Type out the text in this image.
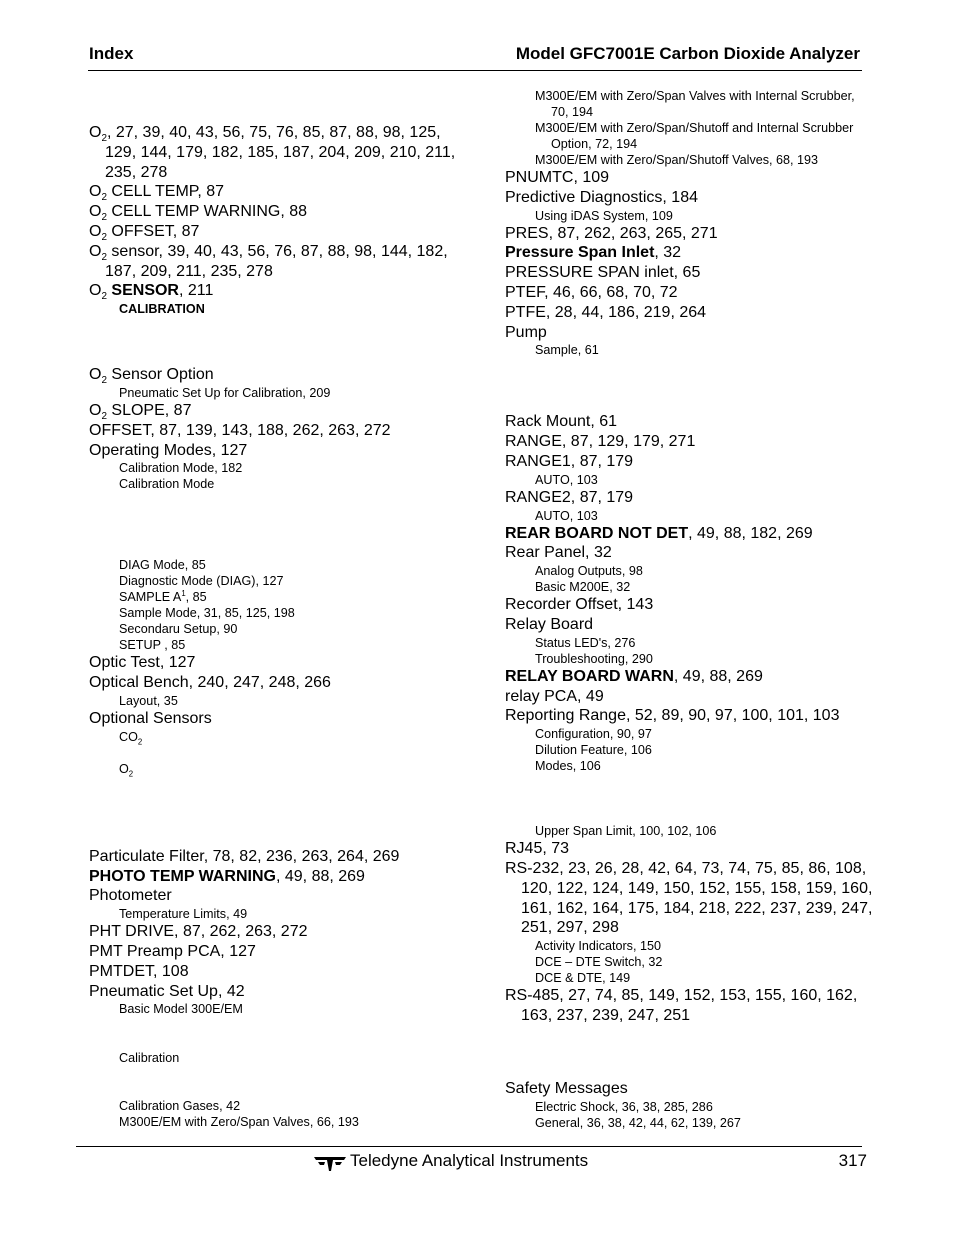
Index	Model GFC7001E Carbon Dioxide Analyzer
$O_2$, 27, 39, 40, 43, 56, 75, 76, 85, 87, 88, 98, 125, 129, 144, 179, 182, 185, 187, 204, 209, 210, 211, 235, 278
$O_2$ CELL TEMP, 87
$O_2$ CELL TEMP WARNING, 88
$O_2$ OFFSET, 87
$O_2$ sensor, 39, 40, 43, 56, 76, 87, 88, 98, 144, 182, 187, 209, 211, 235, 278
$O_2$ SENSOR, 211
CALIBRATION
$O_2$ Sensor Option
Pneumatic Set Up for Calibration, 209
$O_2$ SLOPE, 87
OFFSET, 87, 139, 143, 188, 262, 263, 272
Operating Modes, 127
Calibration Mode, 182
Calibration Mode
DIAG Mode, 85
Diagnostic Mode (DIAG), 127
SAMPLE $A^1$, 85
Sample Mode, 31, 85, 125, 198
Secondaru Setup, 90
SETUP , 85
Optic Test, 127
Optical Bench, 240, 247, 248, 266
Layout, 35
Optional Sensors
$CO_2$
$O_2$
Particulate Filter, 78, 82, 236, 263, 264, 269
PHOTO TEMP WARNING, 49, 88, 269
Photometer
Temperature Limits, 49
PHT DRIVE, 87, 262, 263, 272
PMT Preamp PCA, 127
PMTDET, 108
Pneumatic Set Up, 42
Basic Model 300E/EM
Calibration
Calibration Gases, 42
M300E/EM with Zero/Span Valves, 66, 193
M300E/EM with Zero/Span Valves with Internal Scrubber, 70, 194
M300E/EM with Zero/Span/Shutoff and Internal Scrubber Option, 72, 194
M300E/EM with Zero/Span/Shutoff Valves, 68, 193
PNUMTC, 109
Predictive Diagnostics, 184
Using iDAS System, 109
PRES, 87, 262, 263, 265, 271
Pressure Span Inlet, 32
PRESSURE SPAN inlet, 65
PTEF, 46, 66, 68, 70, 72
PTFE, 28, 44, 186, 219, 264
Pump
Sample, 61
Rack Mount, 61
RANGE, 87, 129, 179, 271
RANGE1, 87, 179
AUTO, 103
RANGE2, 87, 179
AUTO, 103
REAR BOARD NOT DET, 49, 88, 182, 269
Rear Panel, 32
Analog Outputs, 98
Basic M200E, 32
Recorder Offset, 143
Relay Board
Status LED's, 276
Troubleshooting, 290
RELAY BOARD WARN, 49, 88, 269
relay PCA, 49
Reporting Range, 52, 89, 90, 97, 100, 101, 103
Configuration, 90, 97
Dilution Feature, 106
Modes, 106
Upper Span Limit, 100, 102, 106
RJ45, 73
RS-232, 23, 26, 28, 42, 64, 73, 74, 75, 85, 86, 108, 120, 122, 124, 149, 150, 152, 155, 158, 159, 160, 161, 162, 164, 175, 184, 218, 222, 237, 239, 247, 251, 297, 298
Activity Indicators, 150
DCE – DTE Switch, 32
DCE & DTE, 149
RS-485, 27, 74, 85, 149, 152, 153, 155, 160, 162, 163, 237, 239, 247, 251
Safety Messages
Electric Shock, 36, 38, 285, 286
General, 36, 38, 42, 44, 62, 139, 267
Teledyne Analytical Instruments	317
